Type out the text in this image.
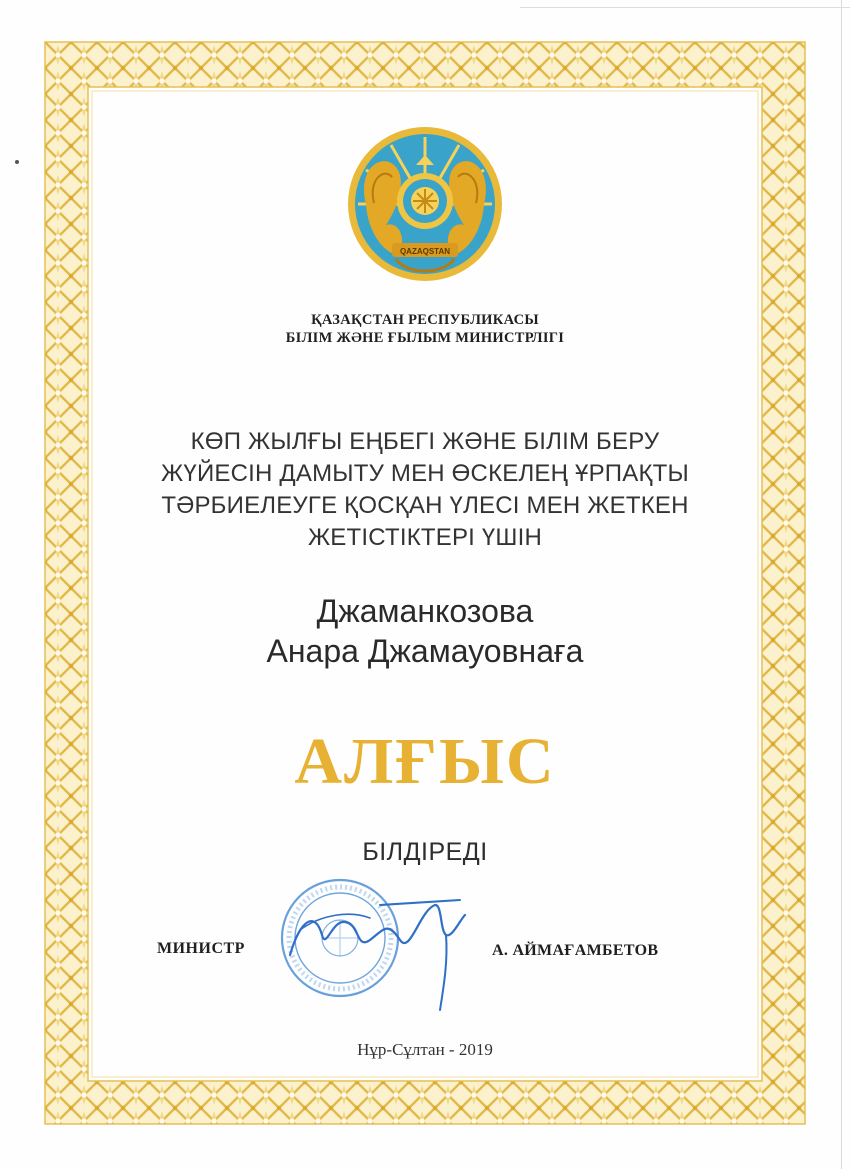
QAZAQSTAN
ҚАЗАҚСТАН РЕСПУБЛИКАСЫ
БІЛІМ ЖӘНЕ ҒЫЛЫМ МИНИСТРЛІГІ
КӨП ЖЫЛҒЫ ЕҢБЕГІ ЖӘНЕ БІЛІМ БЕРУ
ЖҮЙЕСІН ДАМЫТУ МЕН ӨСКЕЛЕҢ ҰРПАҚТЫ
ТӘРБИЕЛЕУГЕ ҚОСҚАН ҮЛЕСІ МЕН ЖЕТКЕН
ЖЕТІСТІКТЕРІ ҮШІН
Джаманкозова
Анара Джамауовнаға
АЛҒЫС
БІЛДІРЕДІ
МИНИСТР	А. АЙМАҒАМБЕТОВ
Нұр-Сұлтан - 2019
